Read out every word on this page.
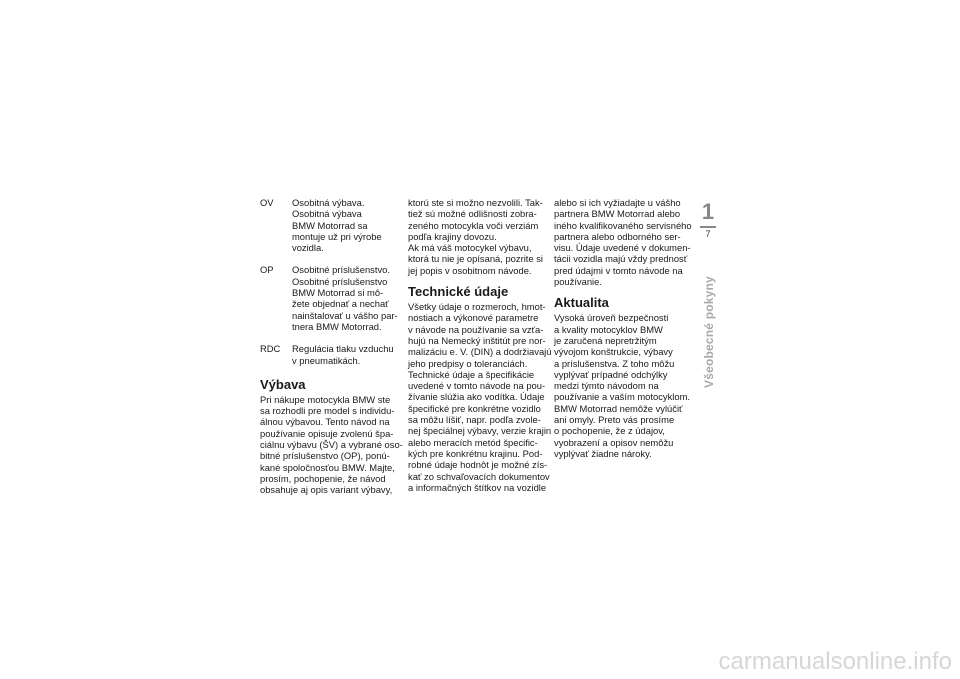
OV	Osobitná výbava.
Osobitná výbava
BMW Motorrad sa
montuje už pri výrobe
vozidla.
OP	Osobitné príslušenstvo.
Osobitné príslušenstvo
BMW Motorrad si mô-
žete objednať a nechať
nainštalovať u vášho par-
tnera BMW Motorrad.
RDC	Regulácia tlaku vzduchu
v pneumatikách.
Výbava
Pri nákupe motocykla BMW ste
sa rozhodli pre model s individu-
álnou výbavou. Tento návod na
používanie opisuje zvolenú špa-
ciálnu výbavu (ŠV) a vybrané oso-
bitné príslušenstvo (OP), ponú-
kané spoločnosťou BMW. Majte,
prosím, pochopenie, že návod
obsahuje aj opis variant výbavy,
ktorú ste si možno nezvolili. Tak-
tiež sú možné odlišnosti zobra-
zeného motocykla voči verziám
podľa krajiny dovozu.
Ak má váš motocykel výbavu,
ktorá tu nie je opísaná, pozrite si
jej popis v osobitnom návode.
Technické údaje
Všetky údaje o rozmeroch, hmot-
nostiach a výkonové parametre
v návode na používanie sa vzťa-
hujú na Nemecký inštitút pre nor-
malizáciu e. V. (DIN) a dodržiavajú
jeho predpisy o toleranciách.
Technické údaje a špecifikácie
uvedené v tomto návode na pou-
žívanie slúžia ako vodítka. Údaje
špecifické pre konkrétne vozidlo
sa môžu líšiť, napr. podľa zvole-
nej špeciálnej výbavy, verzie krajin
alebo meracích metód špecific-
kých pre konkrétnu krajinu. Pod-
robné údaje hodnôt je možné zís-
kať zo schvaľovacích dokumentov
a informačných štítkov na vozidle
alebo si ich vyžiadajte u vášho
partnera BMW Motorrad alebo
iného kvalifikovaného servisného
partnera alebo odborného ser-
visu. Údaje uvedené v dokumen-
tácii vozidla majú vždy prednosť
pred údajmi v tomto návode na
používanie.
Aktualita
Vysoká úroveň bezpečnosti
a kvality motocyklov BMW
je zaručená nepretržitým
vývojom konštrukcie, výbavy
a príslušenstva. Z toho môžu
vyplývať prípadné odchýlky
medzi týmto návodom na
používanie a vaším motocyklom.
BMW Motorrad nemôže vylúčiť
ani omyly. Preto vás prosíme
o pochopenie, že z údajov,
vyobrazení a opisov nemôžu
vyplývať žiadne nároky.
1
7
Všeobecné pokyny
carmanualsonline.info
